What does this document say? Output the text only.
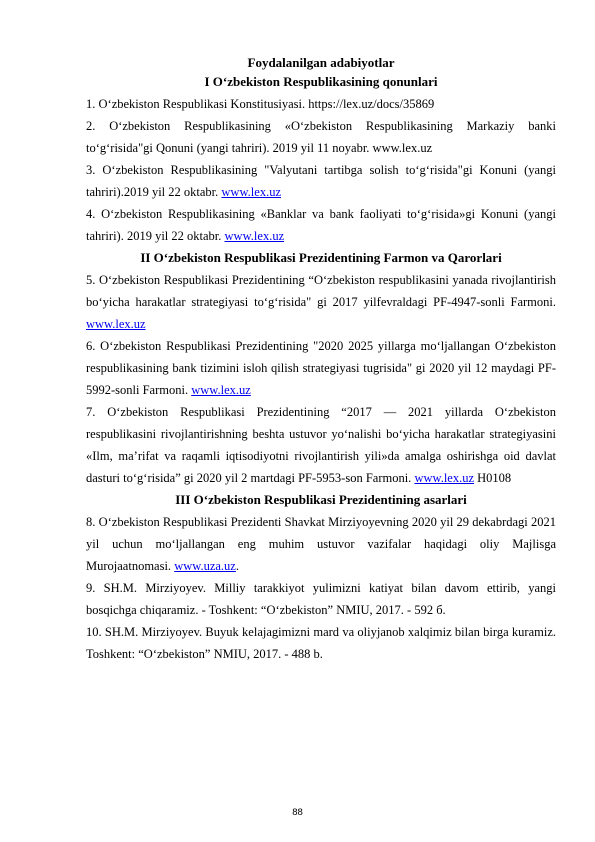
Foydalanilgan adabiyotlar
I O‘zbekiston Respublikasining qonunlari

1. O‘zbekiston Respublikasi Konstitusiyasi. https://lex.uz/docs/35869

2. O‘zbekiston Respublikasining «O‘zbekiston Respublikasining Markaziy banki to‘g‘risida"gi Qonuni (yangi tahriri). 2019 yil 11 noyabr. www.lex.uz

3. O‘zbekiston Respublikasining "Valyutani tartibga solish to‘g‘risida"gi Konuni (yangi tahriri).2019 yil 22 oktabr. www.lex.uz

4. O‘zbekiston Respublikasining «Banklar va bank faoliyati to‘g‘risida»gi Konuni (yangi tahriri). 2019 yil 22 oktabr. www.lex.uz

II O‘zbekiston Respublikasi Prezidentining Farmon va Qarorlari

5. O‘zbekiston Respublikasi Prezidentining “O‘zbekiston respublikasini yanada rivojlantirish bo‘yicha harakatlar strategiyasi to‘g‘risida" gi 2017 yilfevraldagi PF-4947-sonli Farmoni. www.lex.uz

6. O‘zbekiston Respublikasi Prezidentining "2020 2025 yillarga mo‘ljallangan O‘zbekiston respublikasining bank tizimini isloh qilish strategiyasi tugrisida" gi 2020 yil 12 maydagi PF-5992-sonli Farmoni. www.lex.uz

7. O‘zbekiston Respublikasi Prezidentining “2017 — 2021 yillarda O‘zbekiston respublikasini rivojlantirishning beshta ustuvor yo‘nalishi bo‘yicha harakatlar strategiyasini «Ilm, ma’rifat va raqamli iqtisodiyotni rivojlantirish yili»da amalga oshirishga oid davlat dasturi to‘g‘risida” gi 2020 yil 2 martdagi PF-5953-son Farmoni. www.lex.uz H0108

III O‘zbekiston Respublikasi Prezidentining asarlari

8. O‘zbekiston Respublikasi Prezidenti Shavkat Mirziyoyevning 2020 yil 29 dekabrdagi 2021 yil uchun mo‘ljallangan eng muhim ustuvor vazifalar haqidagi oliy Majlisga Murojaatnomasi. www.uza.uz.

9. SH.M. Mirziyoyev. Milliy tarakkiyot yulimizni katiyat bilan davom ettirib, yangi bosqichga chiqaramiz. - Toshkent: “O‘zbekiston” NMIU, 2017. - 592 б.

10. SH.M. Mirziyoyev. Buyuk kelajagimizni mard va oliyjanob xalqimiz bilan birga kuramiz. Toshkent: “O‘zbekiston” NMIU, 2017. - 488 b.

88
